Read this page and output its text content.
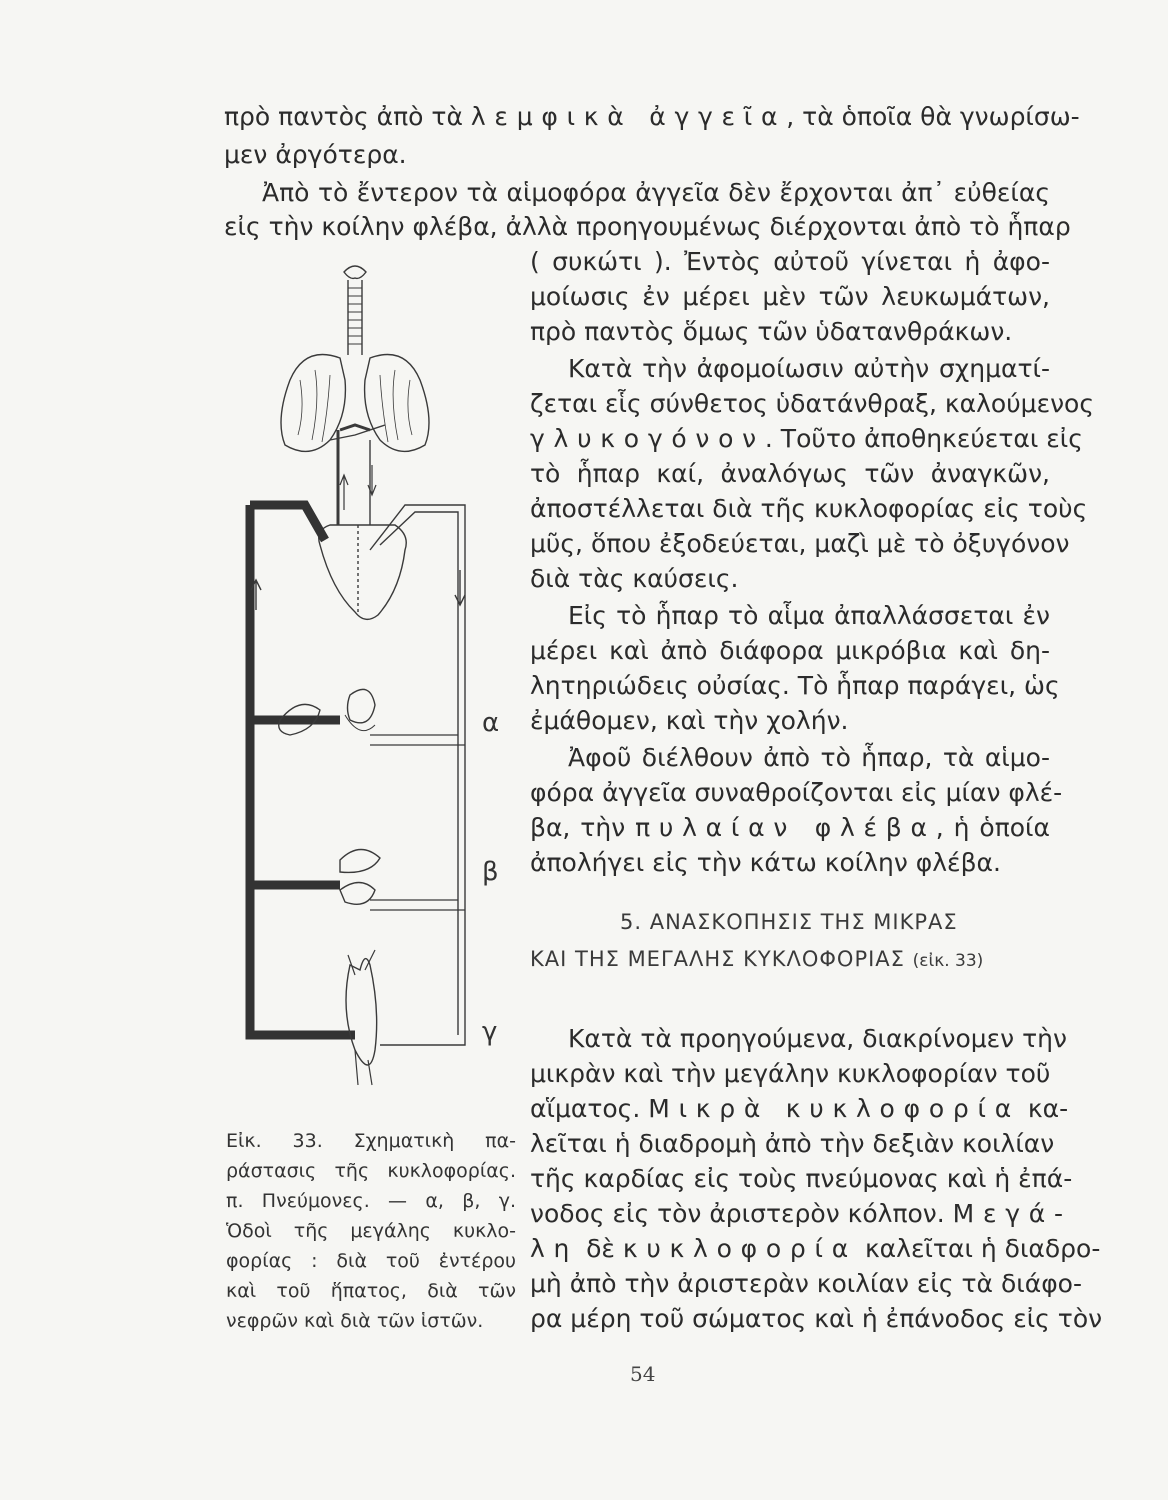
πρὸ παντὸς ἀπὸ τὰ λεμφικὰ ἀγγεῖα, τὰ ὁποῖα θὰ γνωρίσω-
μεν ἀργότερα.
Ἀπὸ τὸ ἔντερον τὰ αἱμοφόρα ἀγγεῖα δὲν ἔρχονται ἀπ᾽ εὐθείας
εἰς τὴν κοίλην φλέβα, ἀλλὰ προηγουμένως διέρχονται ἀπὸ τὸ ἧπαρ
( συκώτι ). Ἐντὸς αὐτοῦ γίνεται ἡ ἀφο-
μοίωσις ἐν μέρει μὲν τῶν λευκωμάτων,
πρὸ παντὸς ὅμως τῶν ὑδατανθράκων.
Κατὰ τὴν ἀφομοίωσιν αὐτὴν σχηματί-
ζεται εἷς σύνθετος ὑδατάνθραξ, καλούμενος
γλυκογόνον. Τοῦτο ἀποθηκεύεται εἰς
τὸ ἧπαρ καί, ἀναλόγως τῶν ἀναγκῶν,
ἀποστέλλεται διὰ τῆς κυκλοφορίας εἰς τοὺς
μῦς, ὅπου ἐξοδεύεται, μαζὶ μὲ τὸ ὀξυγόνον
διὰ τὰς καύσεις.
Εἰς τὸ ἧπαρ τὸ αἷμα ἀπαλλάσσεται ἐν
μέρει καὶ ἀπὸ διάφορα μικρόβια καὶ δη-
λητηριώδεις οὐσίας. Τὸ ἧπαρ παράγει, ὡς
ἐμάθομεν, καὶ τὴν χολήν.
Ἀφοῦ διέλθουν ἀπὸ τὸ ἧπαρ, τὰ αἱμο-
φόρα ἀγγεῖα συναθροίζονται εἰς μίαν φλέ-
βα, τὴν πυλαίαν φλέβα, ἡ ὁποία
ἀπολήγει εἰς τὴν κάτω κοίλην φλέβα.
5. ΑΝΑΣΚΟΠΗΣΙΣ ΤΗΣ ΜΙΚΡΑΣ
ΚΑΙ ΤΗΣ ΜΕΓΑΛΗΣ ΚΥΚΛΟΦΟΡΙΑΣ (εἰκ. 33)
Κατὰ τὰ προηγούμενα, διακρίνομεν τὴν
μικρὰν καὶ τὴν μεγάλην κυκλοφορίαν τοῦ
αἵματος. Μικρὰ κυκλοφορία κα-
λεῖται ἡ διαδρομὴ ἀπὸ τὴν δεξιὰν κοιλίαν
τῆς καρδίας εἰς τοὺς πνεύμονας καὶ ἡ ἐπά-
νοδος εἰς τὸν ἀριστερὸν κόλπον. Μεγά-
λη δὲ κυκλοφορία καλεῖται ἡ διαδρο-
μὴ ἀπὸ τὴν ἀριστερὰν κοιλίαν εἰς τὰ διάφο-
ρα μέρη τοῦ σώματος καὶ ἡ ἐπάνοδος εἰς τὸν
α
β
γ
Εἰκ. 33. Σχηματικὴ πα-
ράστασις τῆς κυκλοφορίας.
π. Πνεύμονες. — α, β, γ.
Ὁδοὶ τῆς μεγάλης κυκλο-
φορίας : διὰ τοῦ ἐντέρου
καὶ τοῦ ἥπατος, διὰ τῶν
νεφρῶν καὶ διὰ τῶν ἱστῶν.
54
